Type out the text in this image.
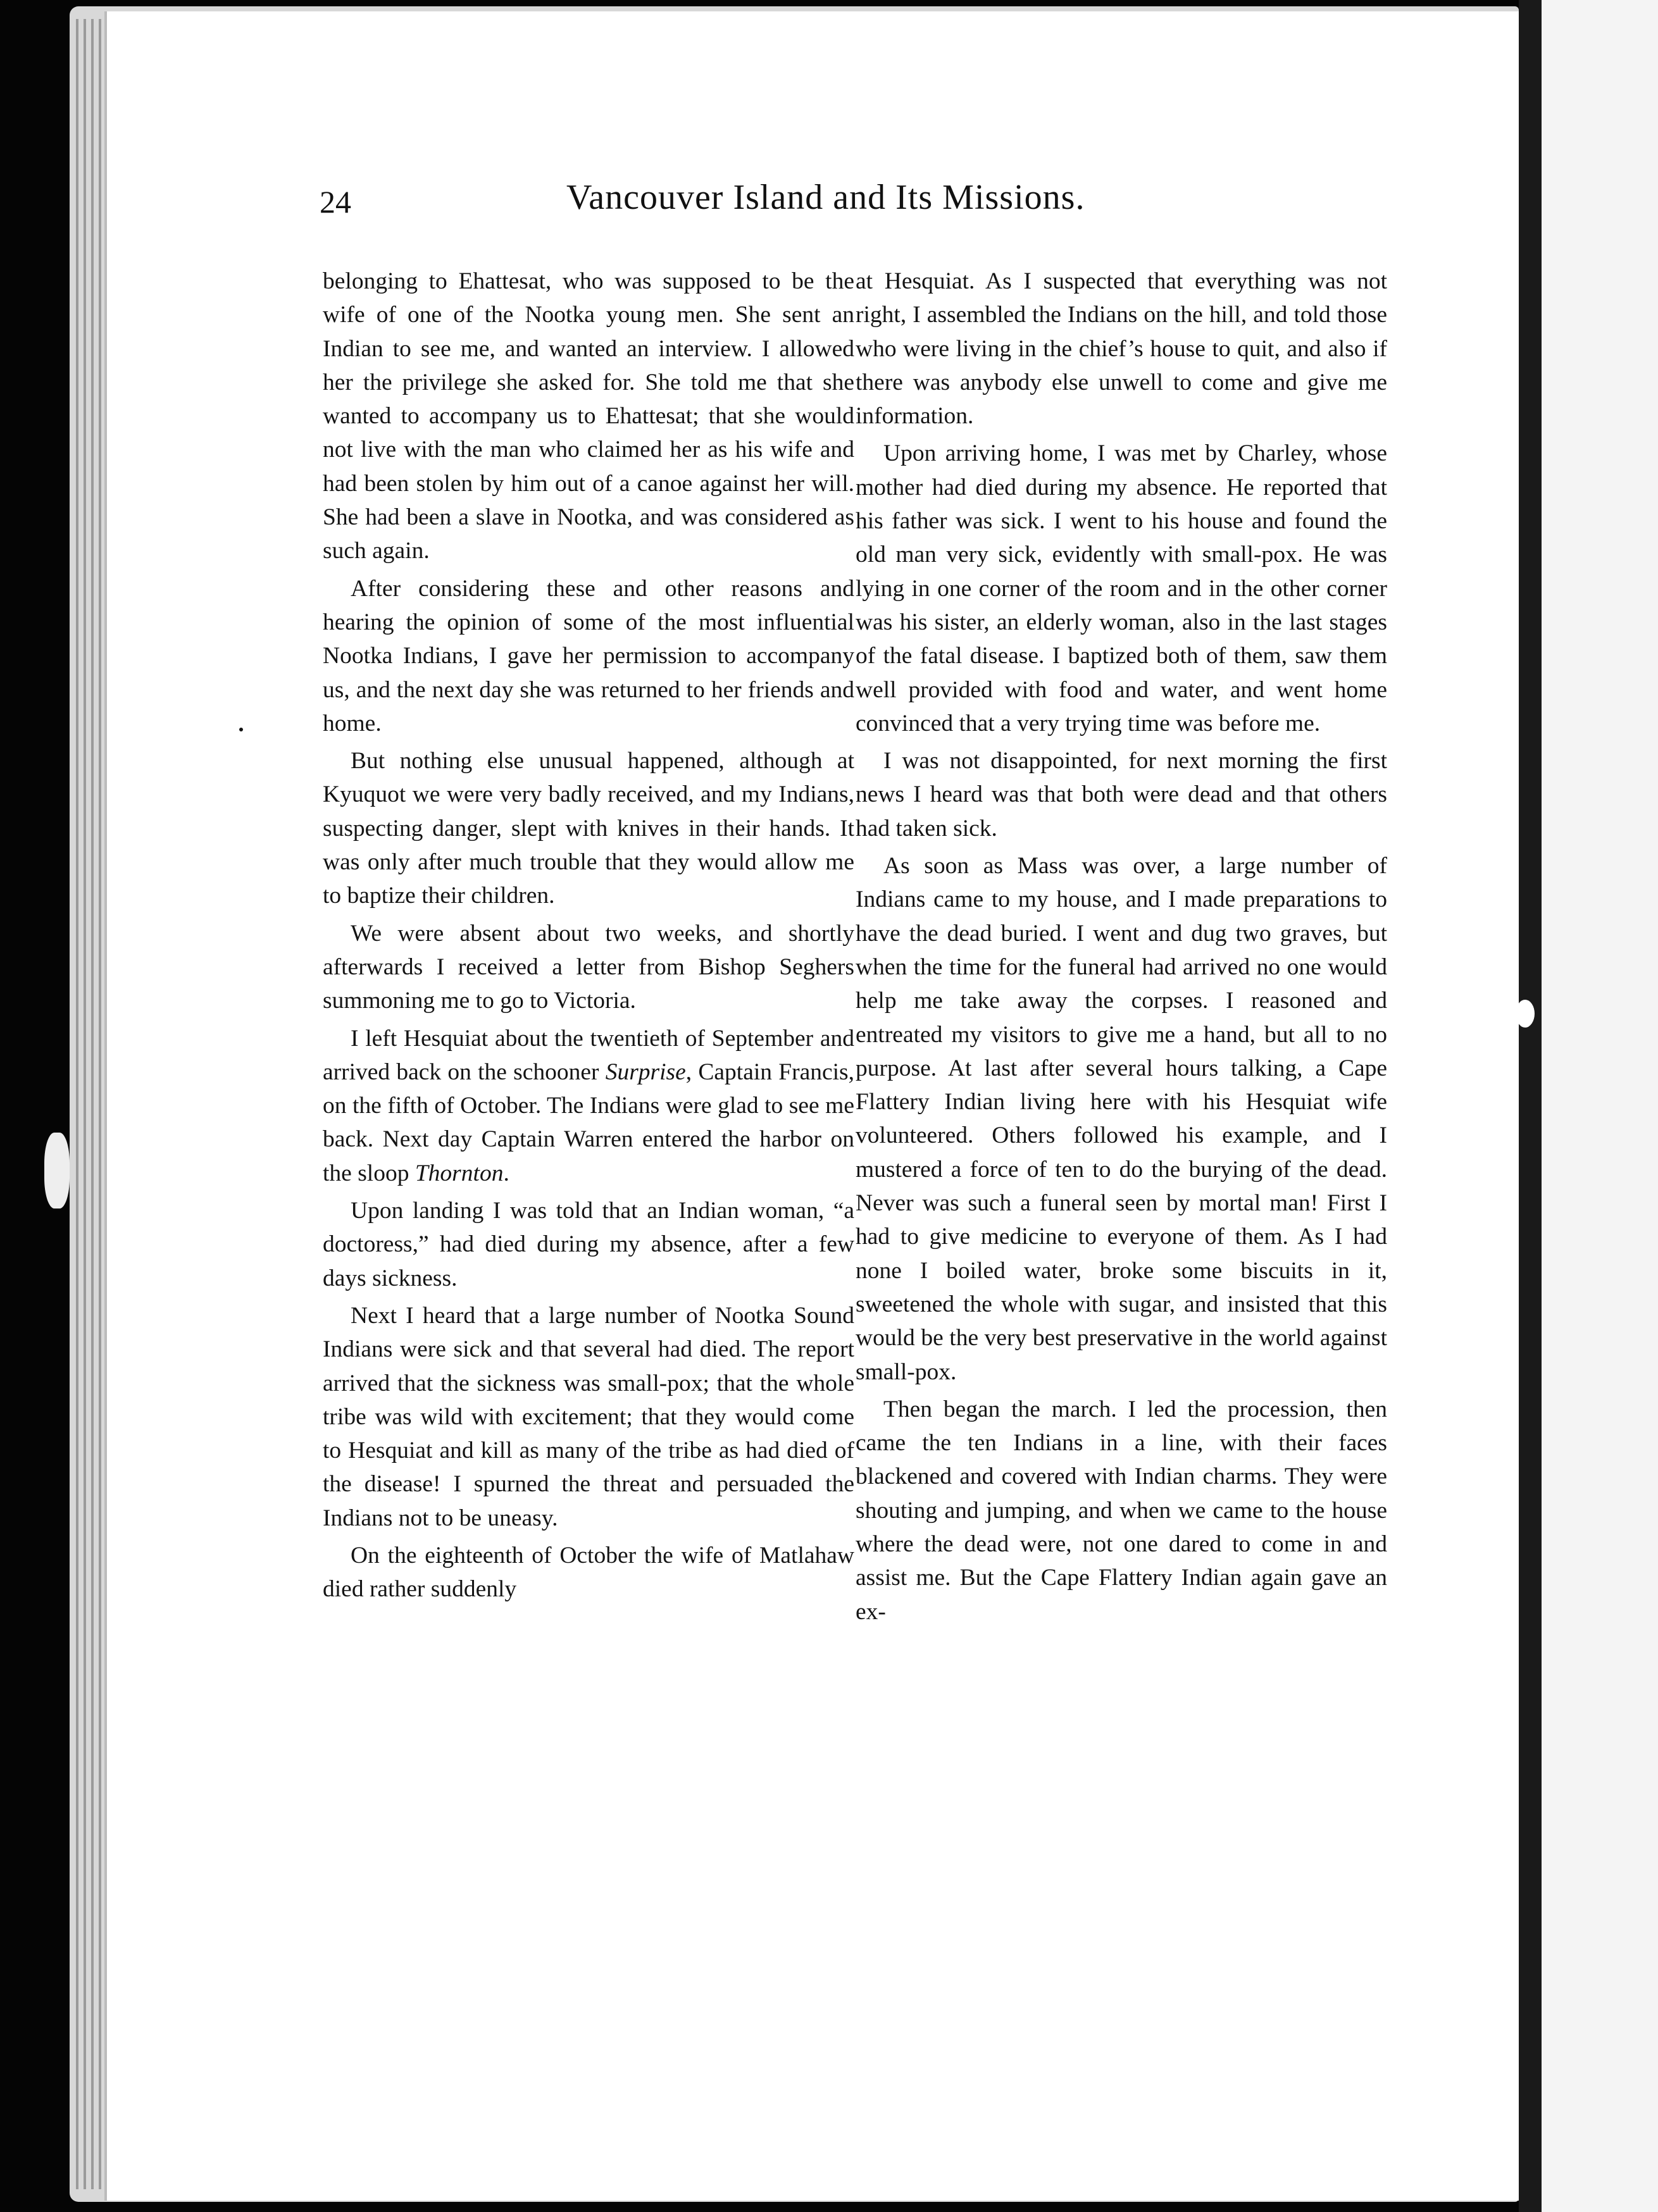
24	Vancouver Island and Its Missions.

belonging to Ehattesat, who was supposed to be the wife of one of the Nootka young men. She sent an Indian to see me, and wanted an interview. I allowed her the privilege she asked for. She told me that she wanted to accompany us to Ehattesat; that she would not live with the man who claimed her as his wife and had been stolen by him out of a canoe against her will. She had been a slave in Nootka, and was considered as such again.

After considering these and other reasons and hearing the opinion of some of the most influential Nootka Indians, I gave her permission to accompany us, and the next day she was returned to her friends and home.

But nothing else unusual happened, although at Kyuquot we were very badly received, and my Indians, suspecting danger, slept with knives in their hands. It was only after much trouble that they would allow me to baptize their children.

We were absent about two weeks, and shortly afterwards I received a letter from Bishop Seghers summoning me to go to Victoria.

I left Hesquiat about the twentieth of September and arrived back on the schooner Surprise, Captain Francis, on the fifth of October. The Indians were glad to see me back. Next day Captain Warren entered the harbor on the sloop Thornton.

Upon landing I was told that an Indian woman, “a doctoress,” had died during my absence, after a few days sickness.

Next I heard that a large number of Nootka Sound Indians were sick and that several had died. The report arrived that the sickness was small-pox; that the whole tribe was wild with excitement; that they would come to Hesquiat and kill as many of the tribe as had died of the disease! I spurned the threat and persuaded the Indians not to be uneasy.

On the eighteenth of October the wife of Matlahaw died rather suddenly

at Hesquiat. As I suspected that everything was not right, I assembled the Indians on the hill, and told those who were living in the chief’s house to quit, and also if there was anybody else unwell to come and give me information.

Upon arriving home, I was met by Charley, whose mother had died during my absence. He reported that his father was sick. I went to his house and found the old man very sick, evidently with small-pox. He was lying in one corner of the room and in the other corner was his sister, an elderly woman, also in the last stages of the fatal disease. I baptized both of them, saw them well provided with food and water, and went home convinced that a very trying time was before me.

I was not disappointed, for next morning the first news I heard was that both were dead and that others had taken sick.

As soon as Mass was over, a large number of Indians came to my house, and I made preparations to have the dead buried. I went and dug two graves, but when the time for the funeral had arrived no one would help me take away the corpses. I reasoned and entreated my visitors to give me a hand, but all to no purpose. At last after several hours talking, a Cape Flattery Indian living here with his Hesquiat wife volunteered. Others followed his example, and I mustered a force of ten to do the burying of the dead. Never was such a funeral seen by mortal man! First I had to give medicine to everyone of them. As I had none I boiled water, broke some biscuits in it, sweetened the whole with sugar, and insisted that this would be the very best preservative in the world against small-pox.

Then began the march. I led the procession, then came the ten Indians in a line, with their faces blackened and covered with Indian charms. They were shouting and jumping, and when we came to the house where the dead were, not one dared to come in and assist me. But the Cape Flattery Indian again gave an ex-
